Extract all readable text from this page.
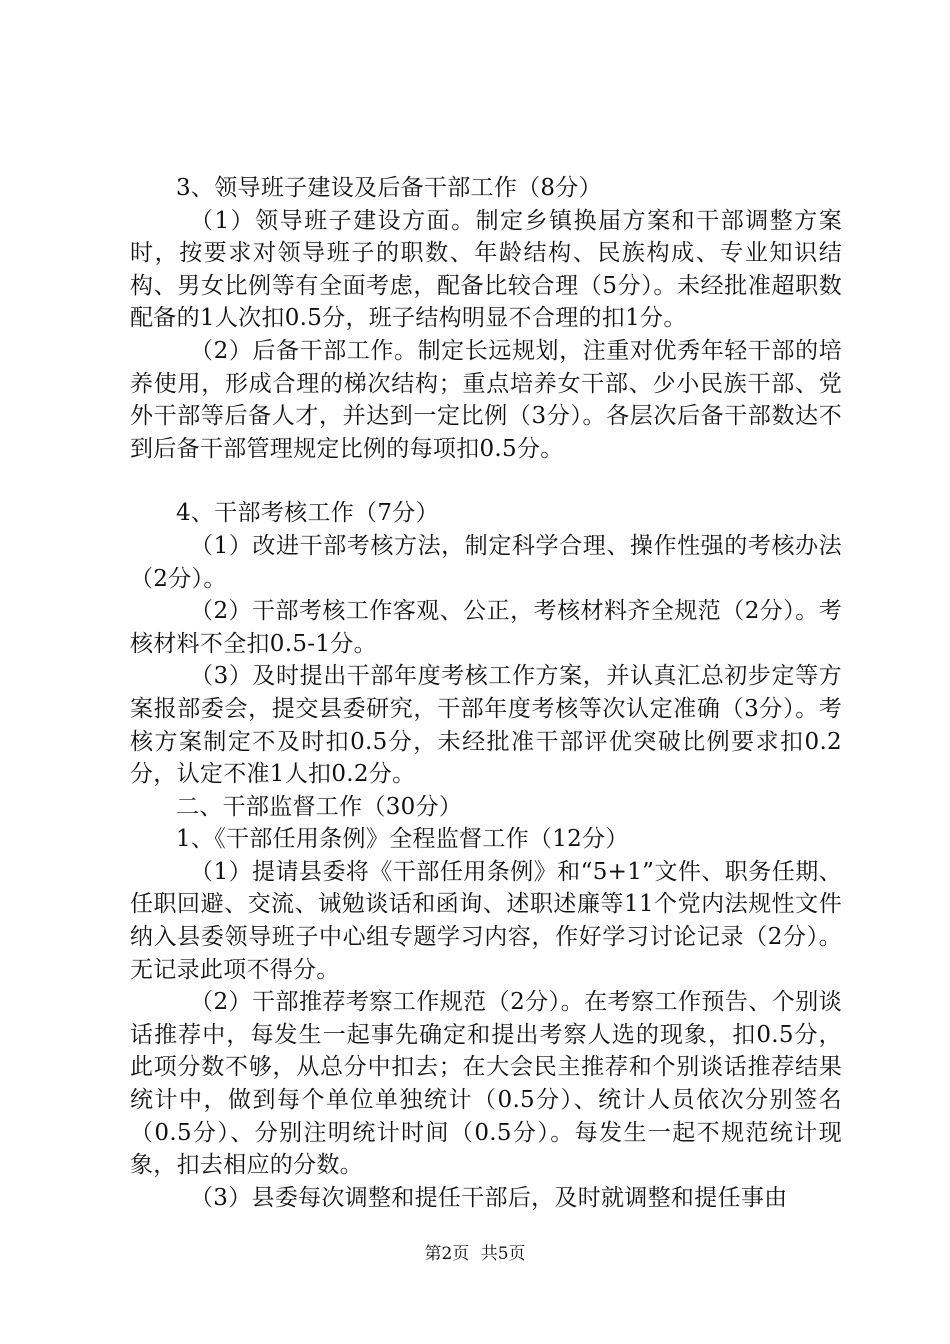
3、领导班子建设及后备干部工作（8分）

（1）领导班子建设方面。制定乡镇换届方案和干部调整方案时，按要求对领导班子的职数、年龄结构、民族构成、专业知识结构、男女比例等有全面考虑，配备比较合理（5分）。未经批准超职数配备的1人次扣0.5分，班子结构明显不合理的扣1分。

（2）后备干部工作。制定长远规划，注重对优秀年轻干部的培养使用，形成合理的梯次结构；重点培养女干部、少小民族干部、党外干部等后备人才，并达到一定比例（3分）。各层次后备干部数达不到后备干部管理规定比例的每项扣0.5分。

4、干部考核工作（7分）

（1）改进干部考核方法，制定科学合理、操作性强的考核办法（2分）。

（2）干部考核工作客观、公正，考核材料齐全规范（2分）。考核材料不全扣0.5-1分。

（3）及时提出干部年度考核工作方案，并认真汇总初步定等方案报部委会，提交县委研究，干部年度考核等次认定准确（3分）。考核方案制定不及时扣0.5分，未经批准干部评优突破比例要求扣0.2分，认定不准1人扣0.2分。

二、干部监督工作（30分）

1、《干部任用条例》全程监督工作（12分）

（1）提请县委将《干部任用条例》和“5+1”文件、职务任期、任职回避、交流、诫勉谈话和函询、述职述廉等11个党内法规性文件纳入县委领导班子中心组专题学习内容，作好学习讨论记录（2分）。无记录此项不得分。

（2）干部推荐考察工作规范（2分）。在考察工作预告、个别谈话推荐中，每发生一起事先确定和提出考察人选的现象，扣0.5分，此项分数不够，从总分中扣去；在大会民主推荐和个别谈话推荐结果统计中，做到每个单位单独统计（0.5分）、统计人员依次分别签名（0.5分）、分别注明统计时间（0.5分）。每发生一起不规范统计现象，扣去相应的分数。

（3）县委每次调整和提任干部后，及时就调整和提任事由

第2页 共5页
